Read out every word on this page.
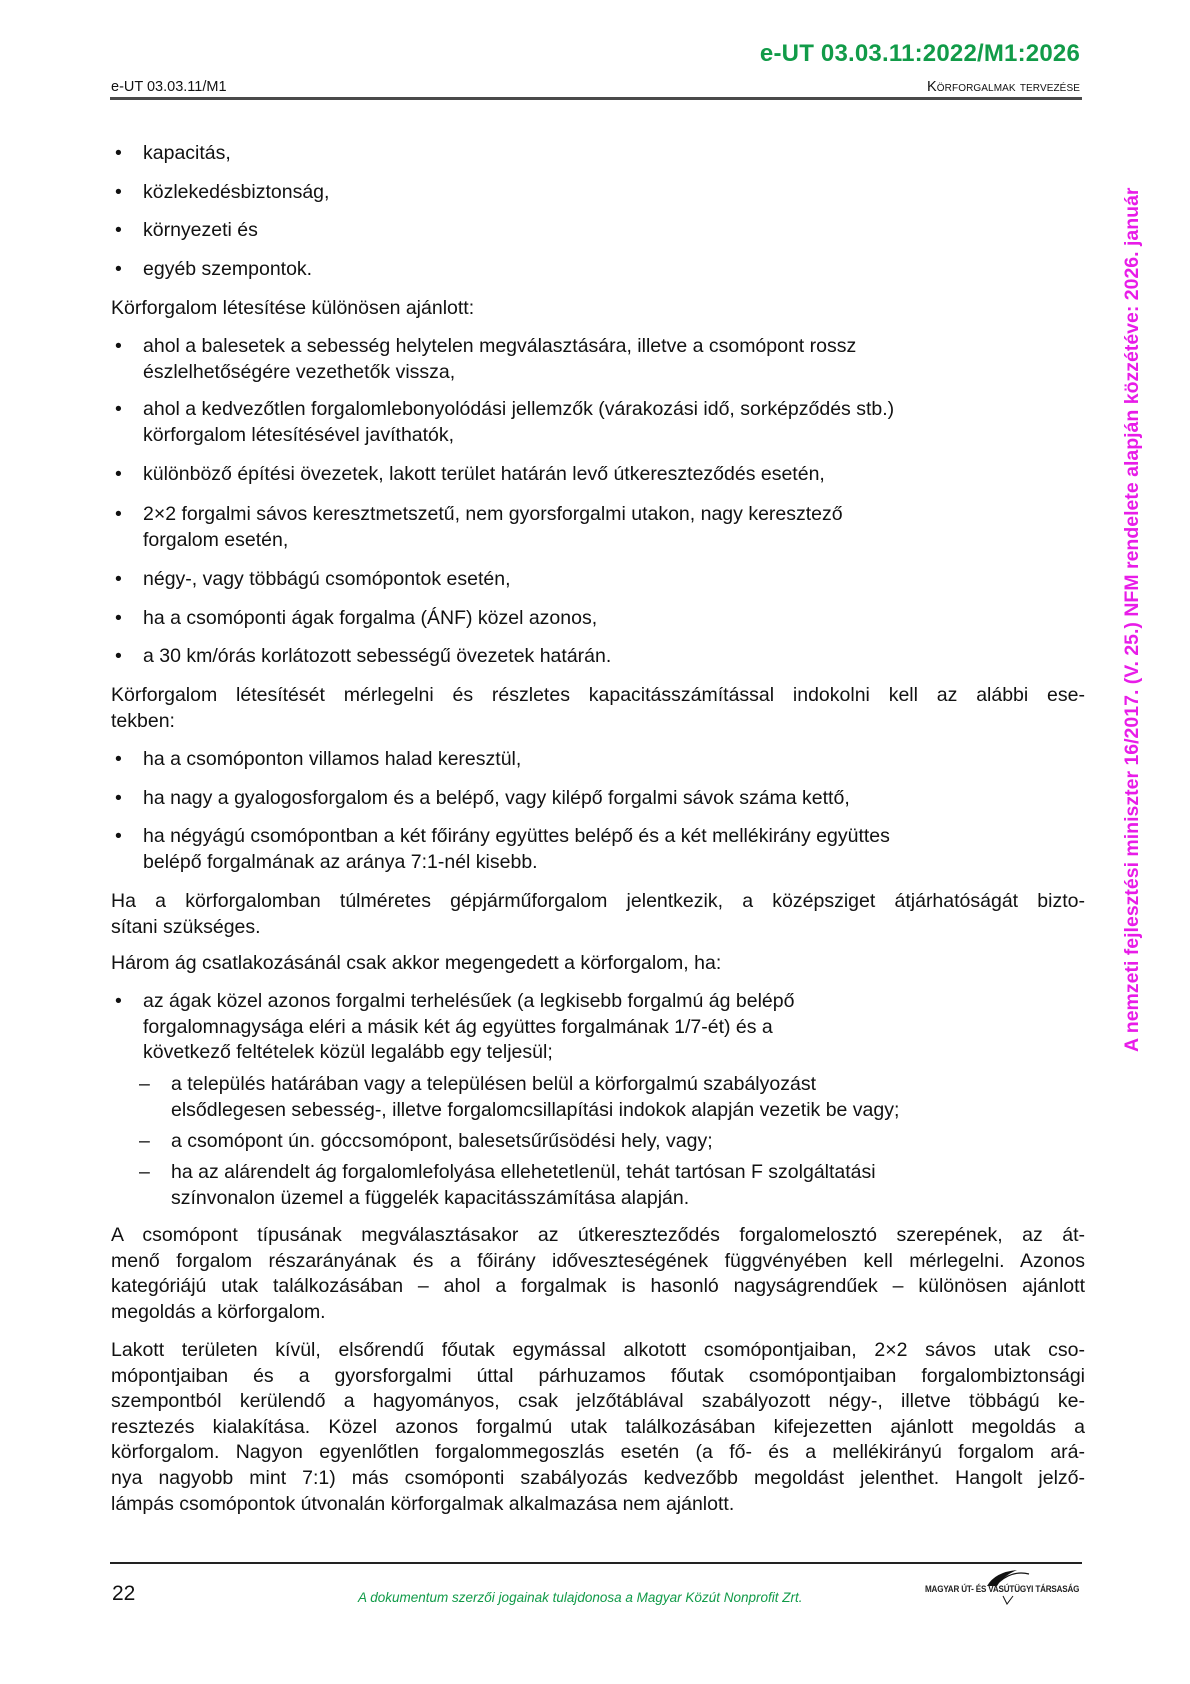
e-UT 03.03.11:2022/M1:2026
e-UT 03.03.11/M1	Körforgalmak tervezése
A nemzeti fejlesztési miniszter 16/2017. (V. 25.) NFM rendelete alapján közzétéve: 2026. január
• kapacitás,
• közlekedésbiztonság,
• környezeti és
• egyéb szempontok.
Körforgalom létesítése különösen ajánlott:
• ahol a balesetek a sebesség helytelen megválasztására, illetve a csomópont rossz
észlelhetőségére vezethetők vissza,
• ahol a kedvezőtlen forgalomlebonyolódási jellemzők (várakozási idő, sorképződés stb.)
körforgalom létesítésével javíthatók,
• különböző építési övezetek, lakott terület határán levő útkereszteződés esetén,
• 2×2 forgalmi sávos keresztmetszetű, nem gyorsforgalmi utakon, nagy keresztező
forgalom esetén,
• négy-, vagy többágú csomópontok esetén,
• ha a csomóponti ágak forgalma (ÁNF) közel azonos,
• a 30 km/órás korlátozott sebességű övezetek határán.
Körforgalom létesítését mérlegelni és részletes kapacitásszámítással indokolni kell az alábbi ese-
tekben:
• ha a csomóponton villamos halad keresztül,
• ha nagy a gyalogosforgalom és a belépő, vagy kilépő forgalmi sávok száma kettő,
• ha négyágú csomópontban a két főirány együttes belépő és a két mellékirány együttes
belépő forgalmának az aránya 7:1-nél kisebb.
Ha a körforgalomban túlméretes gépjárműforgalom jelentkezik, a középsziget átjárhatóságát bizto-
sítani szükséges.
Három ág csatlakozásánál csak akkor megengedett a körforgalom, ha:
• az ágak közel azonos forgalmi terhelésűek (a legkisebb forgalmú ág belépő
forgalomnagysága eléri a másik két ág együttes forgalmának 1/7-ét) és a
következő feltételek közül legalább egy teljesül;
– a település határában vagy a településen belül a körforgalmú szabályozást
elsődlegesen sebesség-, illetve forgalomcsillapítási indokok alapján vezetik be vagy;
– a csomópont ún. góccsomópont, balesetsűrűsödési hely, vagy;
– ha az alárendelt ág forgalomlefolyása ellehetetlenül, tehát tartósan F szolgáltatási
színvonalon üzemel a függelék kapacitásszámítása alapján.
A csomópont típusának megválasztásakor az útkereszteződés forgalomelosztó szerepének, az át-
menő forgalom részarányának és a főirány időveszteségének függvényében kell mérlegelni. Azonos
kategóriájú utak találkozásában – ahol a forgalmak is hasonló nagyságrendűek – különösen ajánlott
megoldás a körforgalom.
Lakott területen kívül, elsőrendű főutak egymással alkotott csomópontjaiban, 2×2 sávos utak cso-
mópontjaiban és a gyorsforgalmi úttal párhuzamos főutak csomópontjaiban forgalombiztonsági
szempontból kerülendő a hagyományos, csak jelzőtáblával szabályozott négy-, illetve többágú ke-
resztezés kialakítása. Közel azonos forgalmú utak találkozásában kifejezetten ajánlott megoldás a
körforgalom. Nagyon egyenlőtlen forgalommegoszlás esetén (a fő- és a mellékirányú forgalom ará-
nya nagyobb mint 7:1) más csomóponti szabályozás kedvezőbb megoldást jelenthet. Hangolt jelző-
lámpás csomópontok útvonalán körforgalmak alkalmazása nem ajánlott.
22	A dokumentum szerzői jogainak tulajdonosa a Magyar Közút Nonprofit Zrt.
MAGYAR ÚT- ÉS VASÚTÜGYI TÁRSASÁG
